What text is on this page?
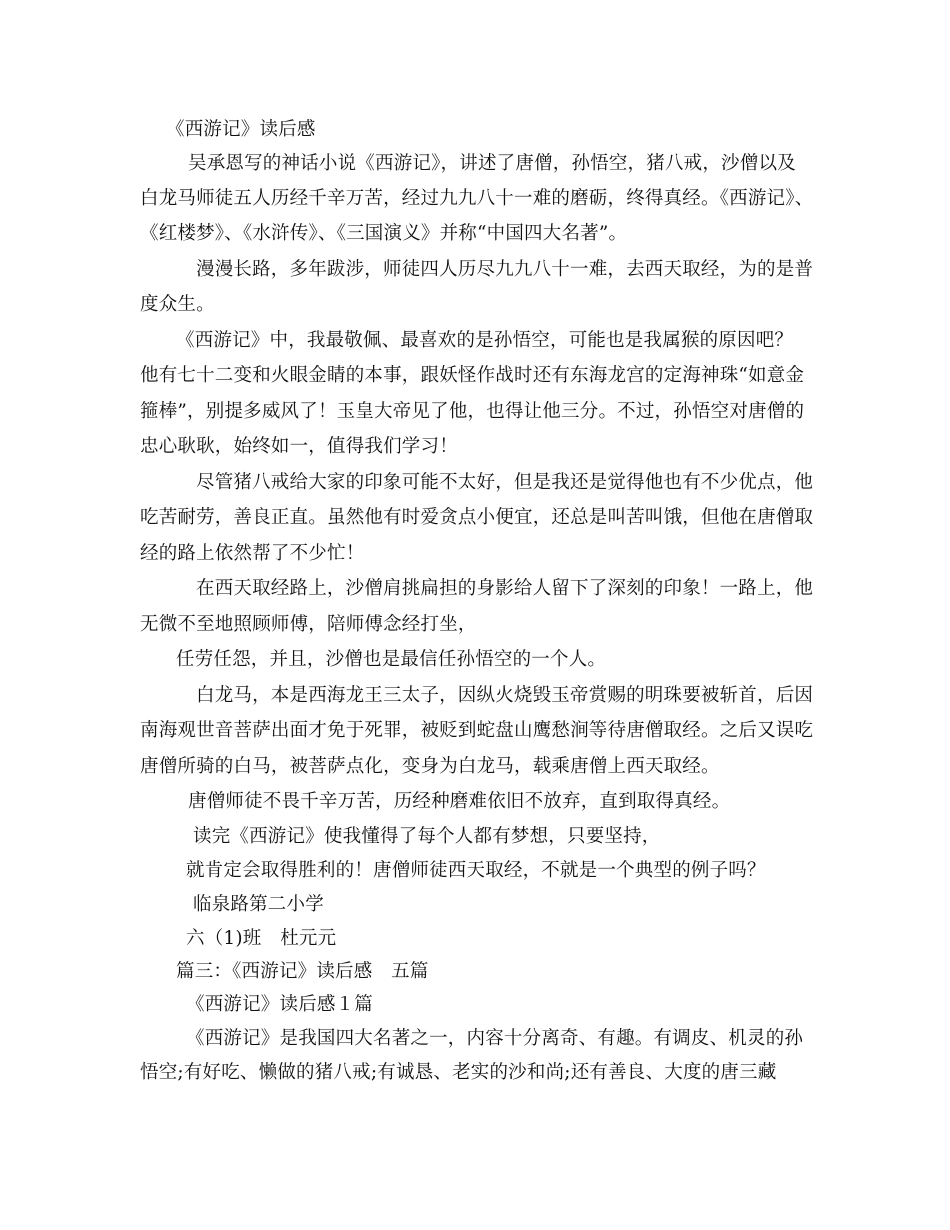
《西游记》读后感
吴承恩写的神话小说《西游记》，讲述了唐僧，孙悟空，猪八戒，沙僧以及
白龙马师徒五人历经千辛万苦，经过九九八十一难的磨砺，终得真经。《西游记》、
《红楼梦》、《水浒传》、《三国演义》并称“中国四大名著”。
漫漫长路，多年跋涉，师徒四人历尽九九八十一难，去西天取经，为的是普
度众生。
《西游记》中，我最敬佩、最喜欢的是孙悟空，可能也是我属猴的原因吧？
他有七十二变和火眼金睛的本事，跟妖怪作战时还有东海龙宫的定海神珠“如意金
箍棒”，别提多威风了！玉皇大帝见了他，也得让他三分。不过，孙悟空对唐僧的
忠心耿耿，始终如一，值得我们学习！
尽管猪八戒给大家的印象可能不太好，但是我还是觉得他也有不少优点，他
吃苦耐劳，善良正直。虽然他有时爱贪点小便宜，还总是叫苦叫饿，但他在唐僧取
经的路上依然帮了不少忙！
在西天取经路上，沙僧肩挑扁担的身影给人留下了深刻的印象！一路上，他
无微不至地照顾师傅，陪师傅念经打坐，
任劳任怨，并且，沙僧也是最信任孙悟空的一个人。
白龙马，本是西海龙王三太子，因纵火烧毁玉帝赏赐的明珠要被斩首，后因
南海观世音菩萨出面才免于死罪，被贬到蛇盘山鹰愁涧等待唐僧取经。之后又误吃
唐僧所骑的白马，被菩萨点化，变身为白龙马，载乘唐僧上西天取经。
唐僧师徒不畏千辛万苦，历经种磨难依旧不放弃，直到取得真经。
读完《西游记》使我懂得了每个人都有梦想，只要坚持，
就肯定会取得胜利的！唐僧师徒西天取经，不就是一个典型的例子吗？
临泉路第二小学
六（1)班　杜元元
篇三：《西游记》读后感　五篇
《西游记》读后感１篇
《西游记》是我国四大名著之一，内容十分离奇、有趣。有调皮、机灵的孙
悟空;有好吃、懒做的猪八戒;有诚恳、老实的沙和尚;还有善良、大度的唐三藏
